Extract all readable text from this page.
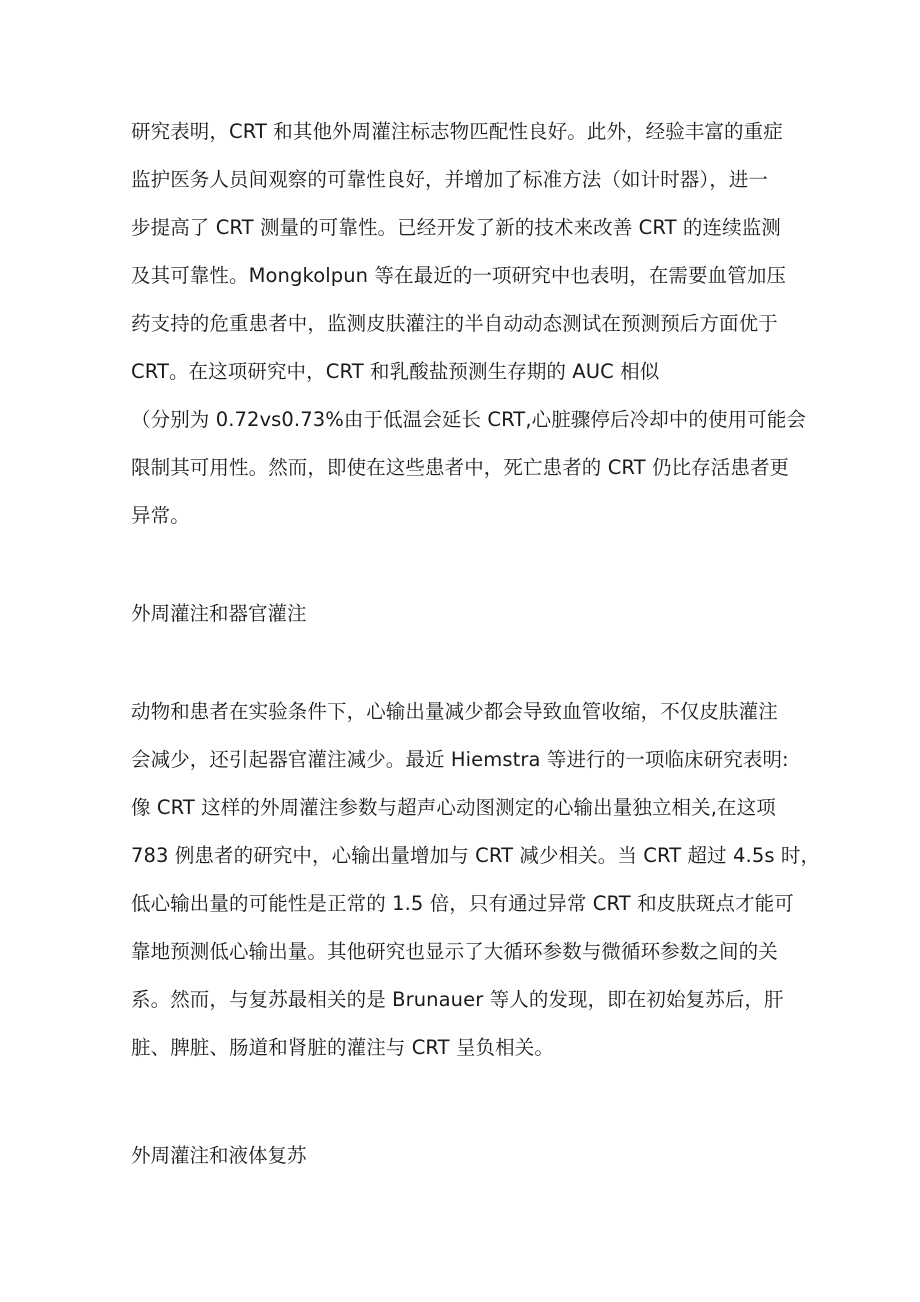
研究表明，CRT 和其他外周灌注标志物匹配性良好。此外，经验丰富的重症

监护医务人员间观察的可靠性良好，并增加了标准方法（如计时器），进一

步提高了 CRT 测量的可靠性。已经开发了新的技术来改善 CRT 的连续监测

及其可靠性。Mongkolpun 等在最近的一项研究中也表明，在需要血管加压

药支持的危重患者中，监测皮肤灌注的半自动动态测试在预测预后方面优于

CRT。在这项研究中，CRT 和乳酸盐预测生存期的 AUC 相似

（分别为 0.72vs0.73%由于低温会延长 CRT,心脏骤停后冷却中的使用可能会

限制其可用性。然而，即使在这些患者中，死亡患者的 CRT 仍比存活患者更

异常。

外周灌注和器官灌注

动物和患者在实验条件下，心输出量减少都会导致血管收缩，不仅皮肤灌注

会减少，还引起器官灌注减少。最近 Hiemstra 等进行的一项临床研究表明:

像 CRT 这样的外周灌注参数与超声心动图测定的心输出量独立相关,在这项

783 例患者的研究中，心输出量增加与 CRT 减少相关。当 CRT 超过 4.5s 时，

低心输出量的可能性是正常的 1.5 倍，只有通过异常 CRT 和皮肤斑点才能可

靠地预测低心输出量。其他研究也显示了大循环参数与微循环参数之间的关

系。然而，与复苏最相关的是 Brunauer 等人的发现，即在初始复苏后，肝

脏、脾脏、肠道和肾脏的灌注与 CRT 呈负相关。

外周灌注和液体复苏
